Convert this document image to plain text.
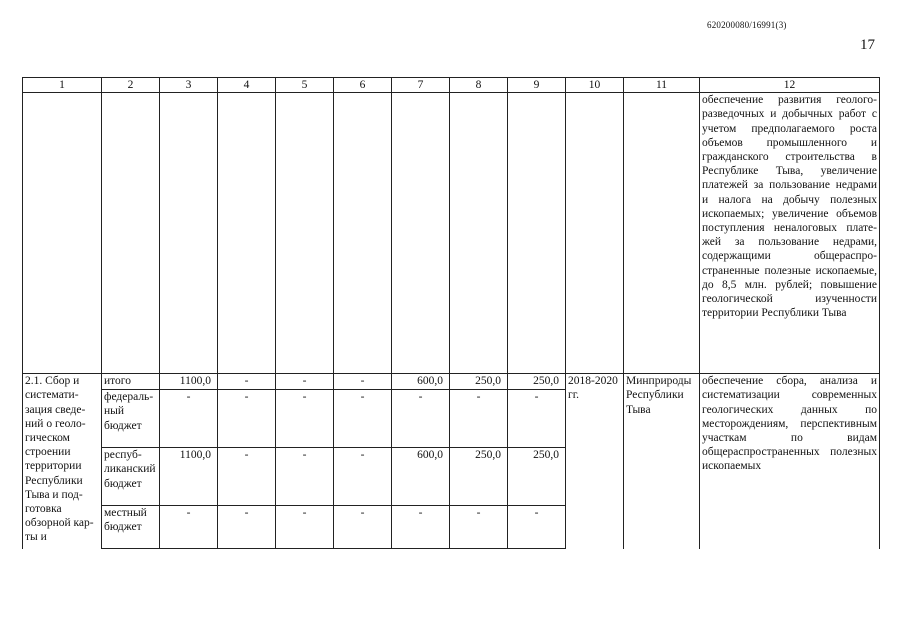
620200080/16991(3)
17
1	2	3	4	5	6	7	8	9	10	11	12
											обеспечение развития геологоразведочных и добычных работ с учетом предполагаемого роста объемов промышленного и гражданского строительства в Республике Тыва, увеличение платежей за пользование недрами и налога на добычу полезных ископаемых; увеличение объемов поступления неналоговых платежей за пользование недрами, содержащими общераспространенные полезные ископаемые, до 8,5 млн. рублей; повышение геологической изученности территории Республики Тыва
2.1. Сбор и систематизация сведений о геологическом строении территории Республики Тыва и подготовка обзорной карты и	итого	1100,0	-	-	-	600,0	250,0	250,0	2018-2020 гг.	Минприроды Республики Тыва	обеспечение сбора, анализа и систематизации современных геологических данных по месторождениям, перспективным участкам по видам общераспространенных полезных ископаемых
	федеральный бюджет	-	-	-	-	-	-	-			
	республиканский бюджет	1100,0	-	-	-	600,0	250,0	250,0			
	местный бюджет	-	-	-	-	-	-	-			
